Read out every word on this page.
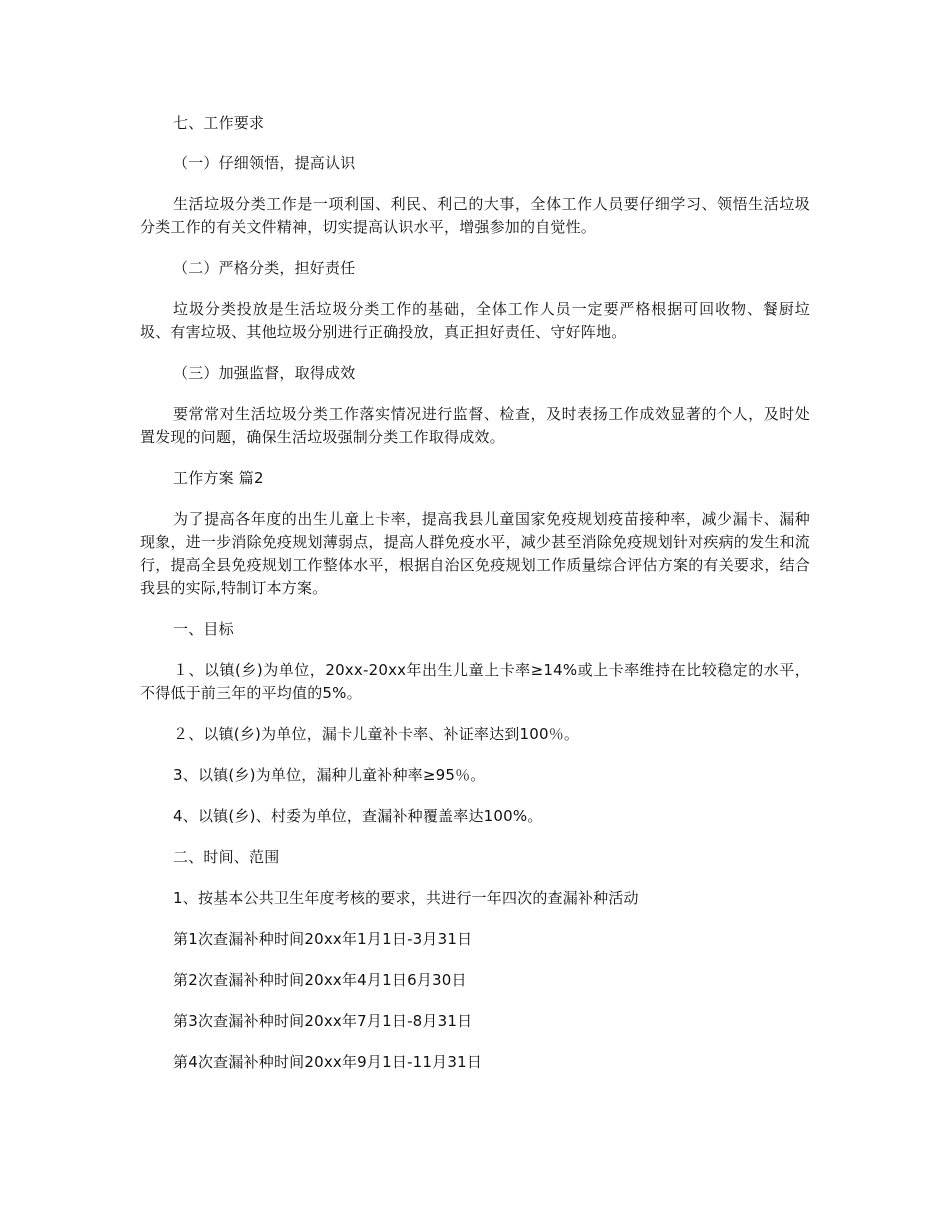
七、工作要求

（一）仔细领悟，提高认识

生活垃圾分类工作是一项利国、利民、利己的大事，全体工作人员要仔细学习、领悟生活垃圾分类工作的有关文件精神，切实提高认识水平，增强参加的自觉性。

（二）严格分类，担好责任

垃圾分类投放是生活垃圾分类工作的基础，全体工作人员一定要严格根据可回收物、餐厨垃圾、有害垃圾、其他垃圾分别进行正确投放，真正担好责任、守好阵地。

（三）加强监督，取得成效

要常常对生活垃圾分类工作落实情况进行监督、检查，及时表扬工作成效显著的个人，及时处置发现的问题，确保生活垃圾强制分类工作取得成效。

工作方案 篇2

为了提高各年度的出生儿童上卡率，提高我县儿童国家免疫规划疫苗接种率，减少漏卡、漏种现象，进一步消除免疫规划薄弱点，提高人群免疫水平，减少甚至消除免疫规划针对疾病的发生和流行，提高全县免疫规划工作整体水平，根据自治区免疫规划工作质量综合评估方案的有关要求，结合我县的实际,特制订本方案。

一、目标

１、以镇(乡)为单位，20xx-20xx年出生儿童上卡率≥14%或上卡率维持在比较稳定的水平，不得低于前三年的平均值的5%。

２、以镇(乡)为单位，漏卡儿童补卡率、补证率达到100％。

3、以镇(乡)为单位，漏种儿童补种率≥95％。

4、以镇(乡)、村委为单位，查漏补种覆盖率达100%。

二、时间、范围

1、按基本公共卫生年度考核的要求，共进行一年四次的查漏补种活动

第1次查漏补种时间20xx年1月1日-3月31日

第2次查漏补种时间20xx年4月1日6月30日

第3次查漏补种时间20xx年7月1日-8月31日

第4次查漏补种时间20xx年9月1日-11月31日
